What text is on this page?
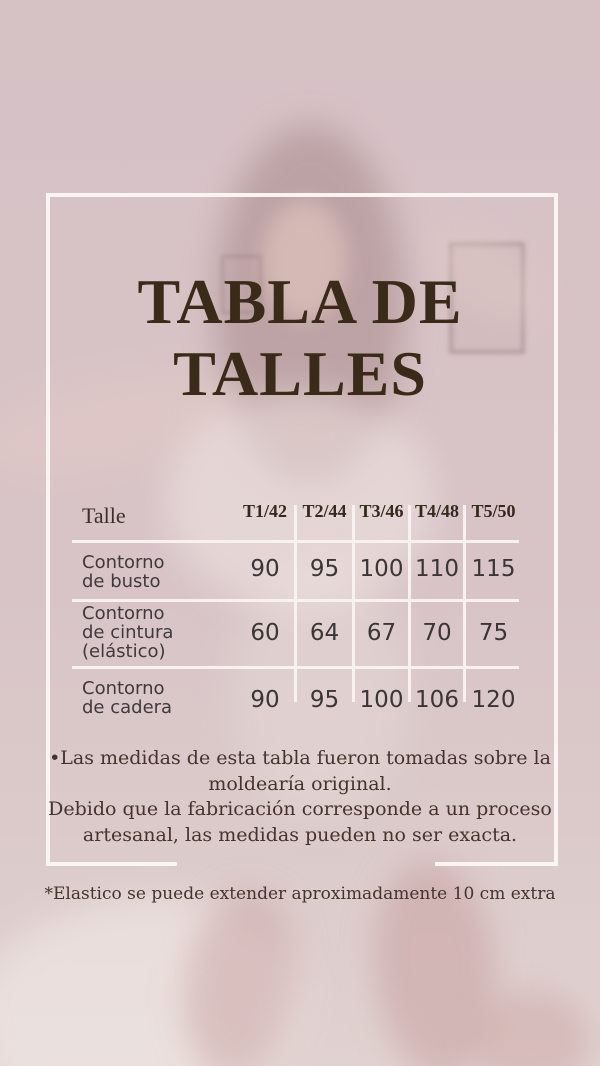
TABLA DE
TALLES
Talle	T1/42 T2/44 T3/46 T4/48 T5/50
Contorno
de busto	90	95 100 110 115
Contorno
de cintura
(elástico)
60	64	67	70	75
Contorno
de cadera	90	95 100 106 120
•Las medidas de esta tabla fueron tomadas sobre la
moldearía original.
Debido que la fabricación corresponde a un proceso
artesanal, las medidas pueden no ser exacta.
*Elastico se puede extender aproximadamente 10 cm extra
